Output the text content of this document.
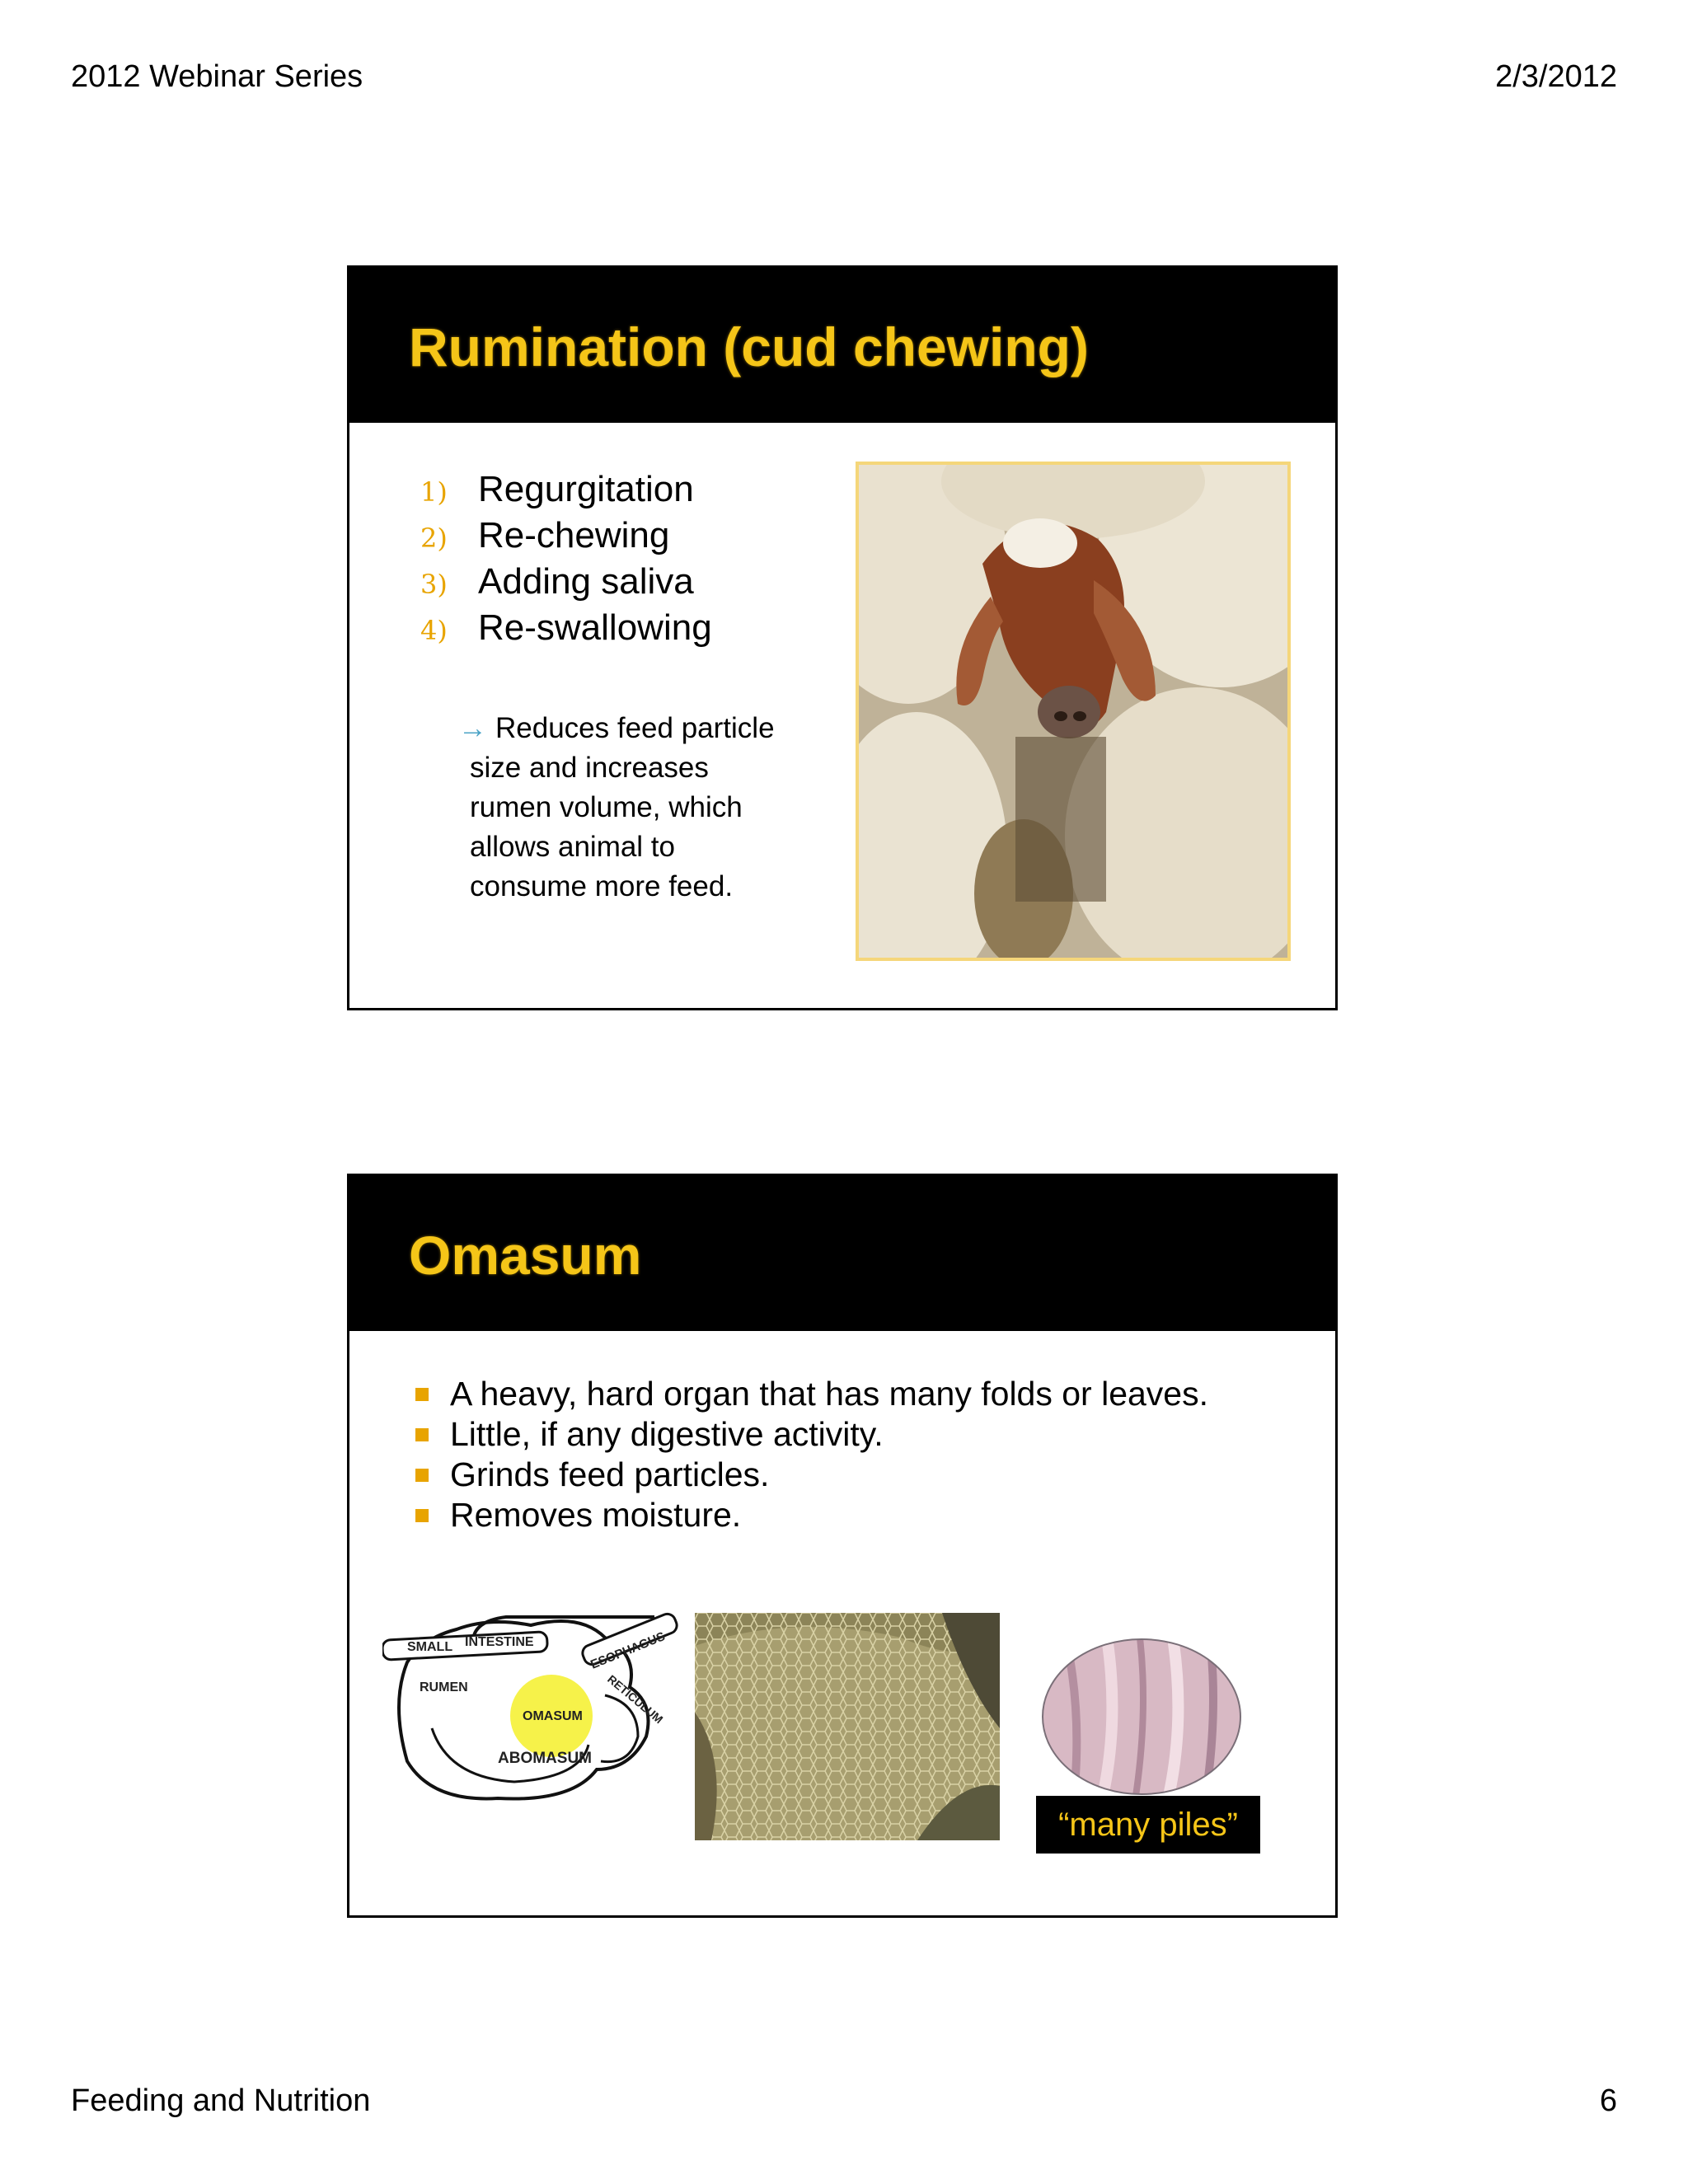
2012 Webinar Series	2/3/2012
Rumination (cud chewing)
1) Regurgitation
2) Re-chewing
3) Adding saliva
4) Re-swallowing
→ Reduces feed particle
size and increases
rumen volume, which
allows animal to
consume more feed.
Omasum
A heavy, hard organ that has many folds or leaves.
Little, if any digestive activity.
Grinds feed particles.
Removes moisture.
SMALL INTESTINE	ESOPHAGUS
RETICULUM
RUMEN
OMASUM
ABOMASUM
“many piles”
Feeding and Nutrition	6
